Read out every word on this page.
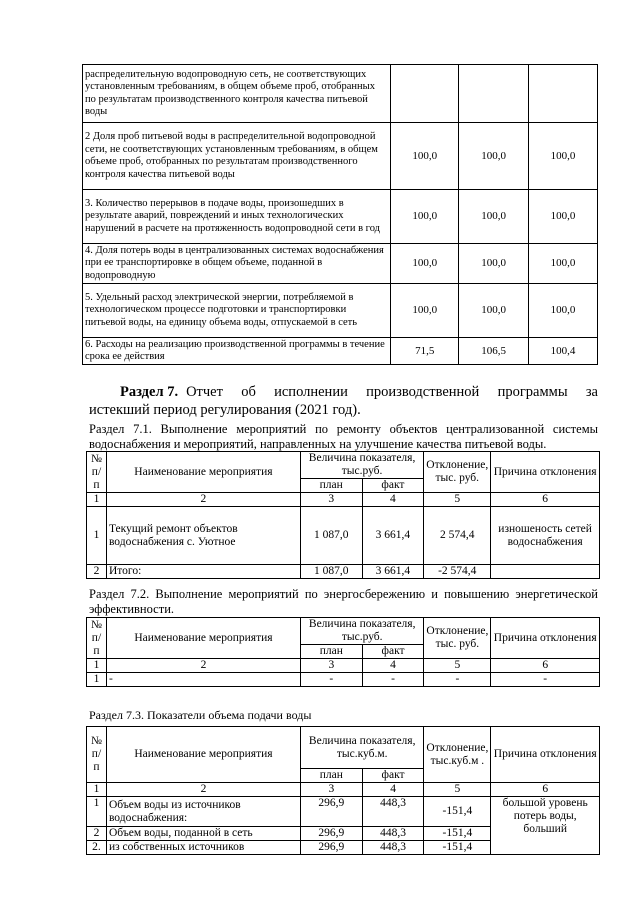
распределительную водопроводную сеть, не соответствующих установленным требованиям, в общем объеме проб, отобранных по результатам производственного контроля качества питьевой воды			
2 Доля проб питьевой воды в распределительной водопроводной сети, не соответствующих установленным требованиям, в общем объеме проб, отобранных по результатам производственного контроля качества питьевой воды	100,0	100,0	100,0
3. Количество перерывов в подаче воды, произошедших в результате аварий, повреждений и иных технологических нарушений в расчете на протяженность водопроводной сети в год	100,0	100,0	100,0
4. Доля потерь воды в централизованных системах водоснабжения при ее транспортировке в общем объеме, поданной в водопроводную	100,0	100,0	100,0
5. Удельный расход электрической энергии, потребляемой в технологическом процессе подготовки и транспортировки питьевой воды, на единицу объема воды, отпускаемой в сеть	100,0	100,0	100,0
6. Расходы на реализацию производственной программы в течение срока ее действия	71,5	106,5	100,4
Раздел 7. Отчет об исполнении производственной программы за
истекший период регулирования (2021 год).
Раздел 7.1. Выполнение мероприятий по ремонту объектов централизованной системы
водоснабжения и мероприятий, направленных на улучшение качества питьевой воды.
№ п/ п	Наименование мероприятия	Величина показателя, тыс.руб.		Отклонение, тыс. руб.	Причина отклонения
		план	факт		
1	2	3	4	5	6
1	Текущий ремонт объектов водоснабжения с. Уютное	1 087,0	3 661,4	2 574,4	изношеность сетей водоснабжения
2	Итого:	1 087,0	3 661,4	-2 574,4	
Раздел 7.2. Выполнение мероприятий по энергосбережению и повышению энергетической
эффективности.
№ п/ п	Наименование мероприятия	Величина показателя, тыс.руб.		Отклонение, тыс. руб.	Причина отклонения
		план	факт		
1	2	3	4	5	6
1	-	-	-	-	-
Раздел 7.3. Показатели объема подачи воды
№ п/ п	Наименование мероприятия	Величина показателя, тыс.куб.м.		Отклонение, тыс.куб.м .	Причина отклонения
		план	факт		
1	2	3	4	5	6
1	Объем воды из источников водоснабжения:	296,9	448,3	-151,4	большой уровень потерь воды, больший
2	Объем воды, поданной в сеть	296,9	448,3	-151,4	
2.	из собственных источников	296,9	448,3	-151,4	
